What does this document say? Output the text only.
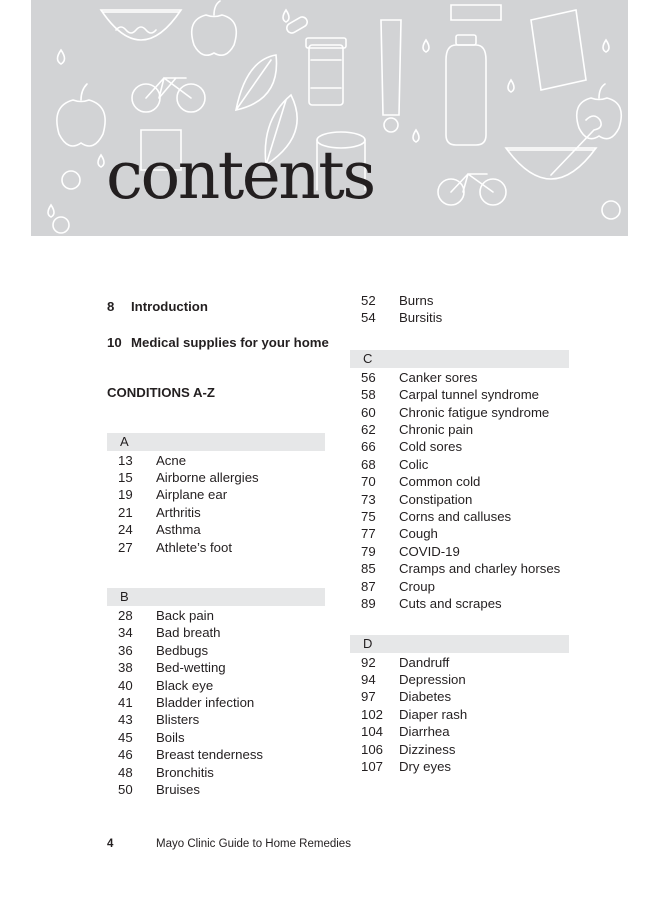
contents
8 Introduction
10 Medical supplies for your home
CONDITIONS A-Z
A
13 Acne
15 Airborne allergies
19 Airplane ear
21 Arthritis
24 Asthma
27 Athlete’s foot
B
28 Back pain
34 Bad breath
36 Bedbugs
38 Bed-wetting
40 Black eye
41 Bladder infection
43 Blisters
45 Boils
46 Breast tenderness
48 Bronchitis
50 Bruises
52 Burns
54 Bursitis
C
56 Canker sores
58 Carpal tunnel syndrome
60 Chronic fatigue syndrome
62 Chronic pain
66 Cold sores
68 Colic
70 Common cold
73 Constipation
75 Corns and calluses
77 Cough
79 COVID-19
85 Cramps and charley horses
87 Croup
89 Cuts and scrapes
D
92 Dandruff
94 Depression
97 Diabetes
102 Diaper rash
104 Diarrhea
106 Dizziness
107 Dry eyes
4	Mayo Clinic Guide to Home Remedies
